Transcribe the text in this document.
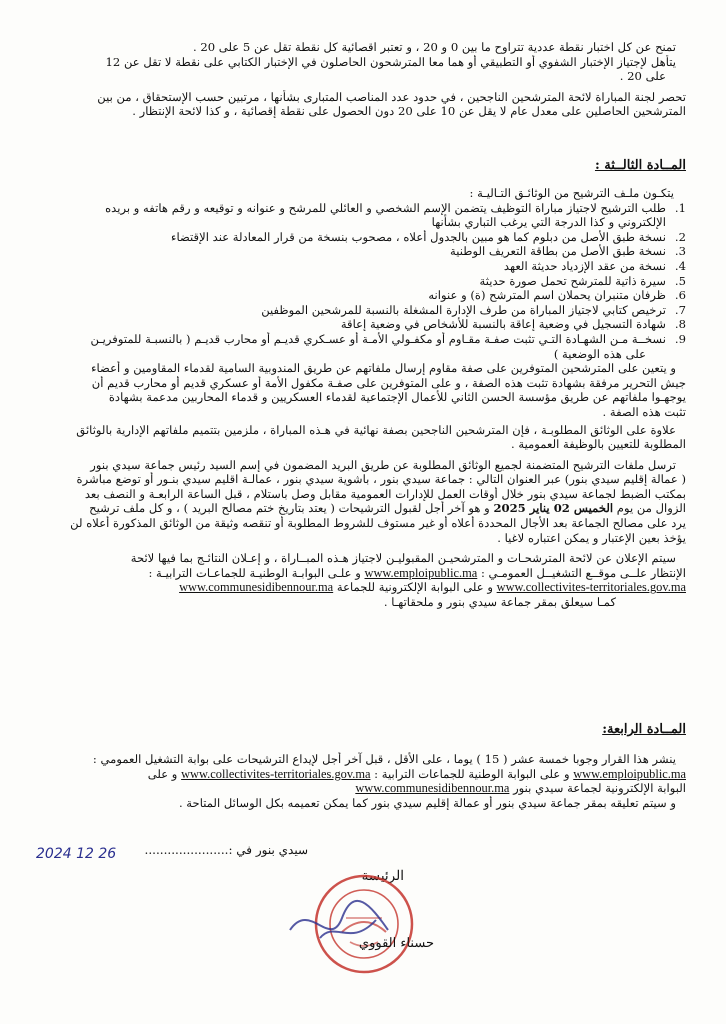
تمنح عن كل اختبار نقطة عددية تتراوح ما بين 0 و 20 ، و تعتبر اقصائية كل نقطة تقل عن 5 على 20 .
يتأهل لإجتياز الإختبار الشفوي أو التطبيقي أو هما معا المترشحون الحاصلون في الإختبار الكتابي على نقطة لا تقل عن 12
على 20 .
تحصر لجنة المباراة لائحة المترشحين الناجحين ، في حدود عدد المناصب المتبارى بشأنها ، مرتبين حسب الإستحقاق ، من بين
المترشحين الحاصلين على معدل عام لا يقل عن 10 على 20 دون الحصول على نقطة إقصائية ، و كذا لائحة الإنتظار .
المــادة الثالــثة :
يتكـون ملـف الترشيح من الوثائـق التـاليـة :
1.
طلب الترشيح لاجتياز مباراة التوظيف يتضمن الإسم الشخصي و العائلي للمرشح و عنوانه و توقيعه و رقم هاتفه و بريده
الإلكتروني و كذا الدرجة التي يرغب التباري بشأنها
2.
نسخة طبق الأصل من دبلوم كما هو مبين بالجدول أعلاه ، مصحوب بنسخة من قرار المعادلة عند الإقتضاء
3.
نسخة طبق الأصل من بطاقة التعريف الوطنية
4.
نسخة من عقد الإزدياد حديثة العهد
5.
سيرة ذاتية للمترشح تحمل صورة حديثة
6.
ظرفان متنبران يحملان اسم المترشح (ة) و عنوانه
7.
ترخيص كتابي لاجتياز المباراة من طرف الإدارة المشغلة بالنسبة للمرشحين الموظفين
8.
شهادة التسجيل في وضعية إعاقة بالنسبة للأشخاص في وضعية إعاقة
9.
نسخــة مـن الشهـادة التـي تثبت صفـة مقـاوم أو مكفـولي الأمـة أو عسـكري قديـم أو محارب قديـم ( بالنسبـة للمتوفريـن
على هذه الوضعية )
و يتعين على المترشحين المتوفرين على صفة مقاوم إرسال ملفاتهم عن طريق المندوبية السامية لقدماء المقاومين و أعضاء
جيش التحرير مرفقة بشهادة تثبت هذه الصفة ، و على المتوفرين على صفـة مكفول الأمة أو عسكري قديم أو محارب قديم أن
يوجهـوا ملفاتهم عن طريق مؤسسة الحسن الثاني للأعمال الإجتماعية لقدماء العسكريين و قدماء المحاربين مدعمة بشهادة
تثبت هذه الصفة .
علاوة على الوثائق المطلوبـة ، فإن المترشحين الناجحين بصفة نهائية في هـذه المباراة ، ملزمين بتتميم ملفاتهم الإدارية بالوثائق
المطلوبة للتعيين بالوظيفة العمومية .
ترسل ملفات الترشيح المتضمنة لجميع الوثائق المطلوبة عن طريق البريد المضمون في إسم السيد رئيس جماعة سيدي بنور
( عمالة إقليم سيدي بنور) عبر العنوان التالي : جماعة سيدي بنور ، باشوية سيدي بنور ، عمالـة اقليم سيدي بنـور أو توضع مباشرة
بمكتب الضبط لجماعة سيدي بنور خلال أوقات العمل للإدارات العمومية مقابل وصل باستلام ، قبل الساعة الرابعـة و النصف بعد
الزوال من يوم الخميس 02 يناير 2025 و هو آخر أجل لقبول الترشيحات ( يعتد بتاريخ ختم مصالح البريد ) ، و كل ملف ترشيح
يرد على مصالح الجماعة بعد الأجال المحددة أعلاه أو غير مستوف للشروط المطلوبة أو تنقصه وثيقة من الوثائق المذكورة أعلاه لن
يؤخذ بعين الإعتبار و يمكن اعتباره لاغيا .
سيتم الإعلان عن لائحة المترشحـات و المترشحيـن المقبوليـن لاجتياز هـذه المبــاراة ، و إعـلان النتائـج بما فيها لائحة
الإنتظار علــى موقــع التشغيــل العمومـي : www.emploipublic.ma و علـى البوابـة الوطنيـة للجماعـات الترابيـة :
www.collectivites-territoriales.gov.ma و على البوابة الإلكترونية للجماعة www.communesidibennour.ma
كمـا سيعلق بمقر جماعة سيدي بنور و ملحقاتهـا .
المــادة الرابعة:
ينشر هذا القرار وجوبا خمسة عشر ( 15 ) يوما ، على الأقل ، قبل آخر أجل لإيداع الترشيحات على بوابة التشغيل العمومي :
www.emploipublic.ma و على البوابة الوطنية للجماعات الترابية : www.collectivites-territoriales.gov.ma و على
البوابة الإلكترونية لجماعة سيدي بنور www.communesidibennour.ma
و سيتم تعليقه بمقر جماعة سيدي بنور أو عمالة إقليم سيدي بنور كما يمكن تعميمه بكل الوسائل المتاحة .
سيدي بنور في :......................
2024 12 26
الرئيسة
حسناء القووي
